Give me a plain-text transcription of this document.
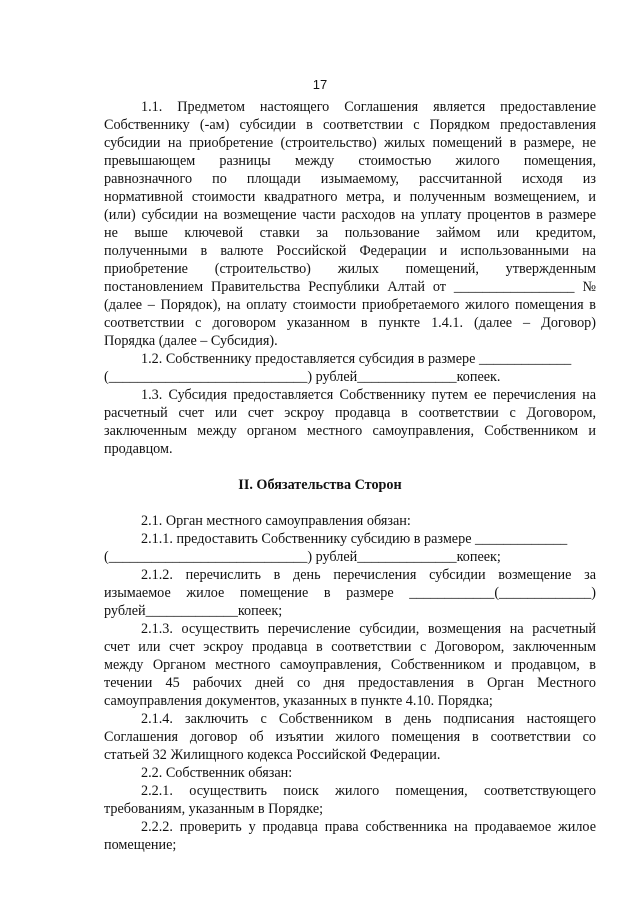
17
1.1. Предметом настоящего Соглашения является предоставление
Собственнику (-ам) субсидии в соответствии с Порядком предоставления
субсидии на приобретение (строительство) жилых помещений в размере, не
превышающем разницы между стоимостью жилого помещения,
равнозначного по площади изымаемому, рассчитанной исходя из
нормативной стоимости квадратного метра, и полученным возмещением, и
(или) субсидии на возмещение части расходов на уплату процентов в размере
не выше ключевой ставки за пользование займом или кредитом,
полученными в валюте Российской Федерации и использованными на
приобретение (строительство) жилых помещений, утвержденным
постановлением Правительства Республики Алтай от _________________ №
(далее – Порядок), на оплату стоимости приобретаемого жилого помещения в
соответствии с договором указанном в пункте 1.4.1. (далее – Договор)
Порядка (далее – Субсидия).
1.2. Собственнику предоставляется субсидия в размере _____________
(____________________________) рублей______________копеек.
1.3. Субсидия предоставляется Собственнику путем ее перечисления на
расчетный счет или счет эскроу продавца в соответствии с Договором,
заключенным между органом местного самоуправления, Собственником и
продавцом.
II. Обязательства Сторон
2.1. Орган местного самоуправления обязан:
2.1.1. предоставить Собственнику субсидию в размере _____________
(____________________________) рублей______________копеек;
2.1.2. перечислить в день перечисления субсидии возмещение за
изымаемое жилое помещение в размере ____________(_____________)
рублей_____________копеек;
2.1.3. осуществить перечисление субсидии, возмещения на расчетный
счет или счет эскроу продавца в соответствии с Договором, заключенным
между Органом местного самоуправления, Собственником и продавцом, в
течении 45 рабочих дней со дня предоставления в Орган Местного
самоуправления документов, указанных в пункте 4.10. Порядка;
2.1.4. заключить с Собственником в день подписания настоящего
Соглашения договор об изъятии жилого помещения в соответствии со
статьей 32 Жилищного кодекса Российской Федерации.
2.2. Собственник обязан:
2.2.1. осуществить поиск жилого помещения, соответствующего
требованиям, указанным в Порядке;
2.2.2. проверить у продавца права собственника на продаваемое жилое
помещение;
